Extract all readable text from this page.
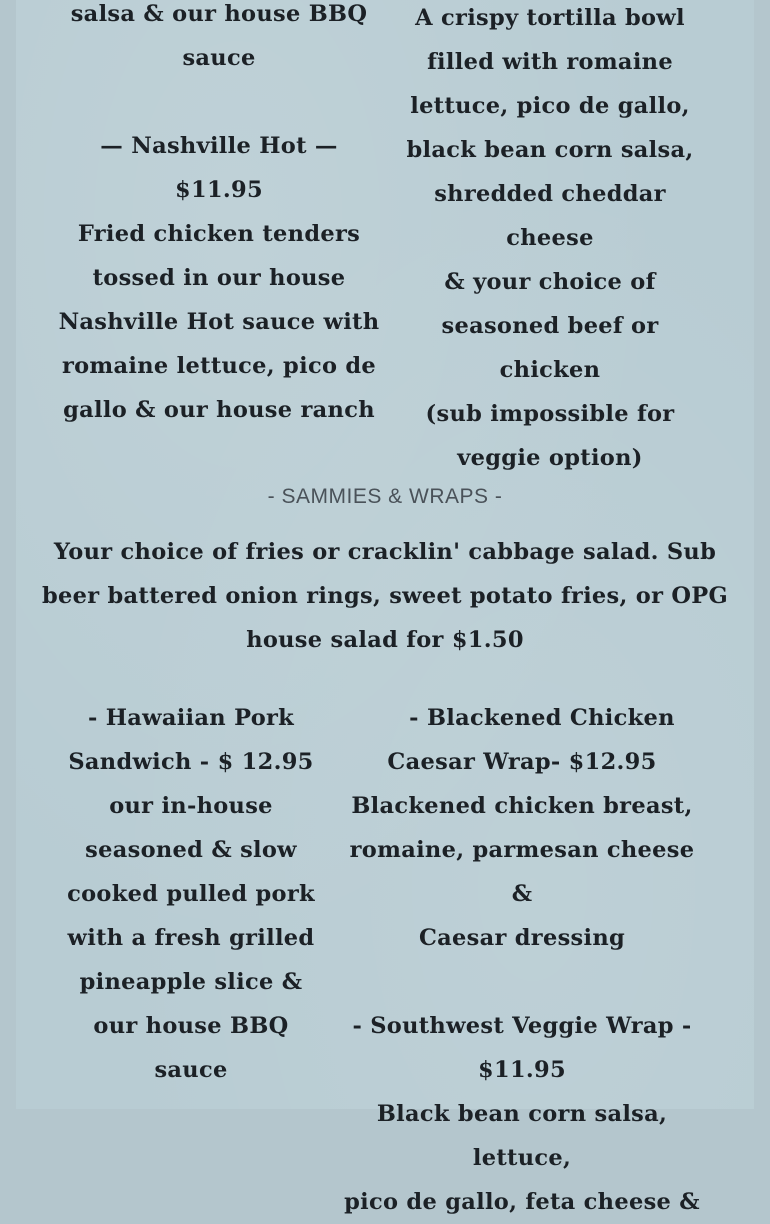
salsa & our house BBQ
sauce
— Nashville Hot — $11.95
Fried chicken tenders
tossed in our house
Nashville Hot sauce with
romaine lettuce, pico de
gallo & our house ranch
A crispy tortilla bowl
filled with romaine
lettuce, pico de gallo,
black bean corn salsa,
shredded cheddar cheese
& your choice of
seasoned beef or chicken
(sub impossible for
veggie option)
- SAMMIES & WRAPS -
Your choice of fries or cracklin' cabbage salad. Sub
beer battered onion rings, sweet potato fries, or OPG
house salad for $1.50
- Hawaiian Pork
Sandwich - $ 12.95
our in-house
seasoned & slow
cooked pulled pork
with a fresh grilled
pineapple slice &
our house BBQ
sauce
- Blackened Chicken
Caesar Wrap- $12.95
Blackened chicken breast,
romaine, parmesan cheese &
Caesar dressing
- Southwest Veggie Wrap -
$11.95
Black bean corn salsa, lettuce,
pico de gallo, feta cheese &
